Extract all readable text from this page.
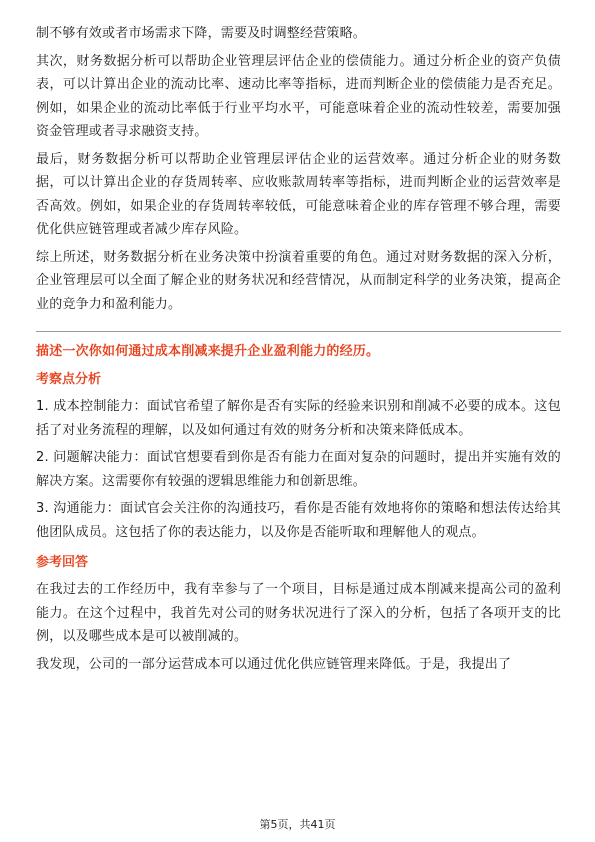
制不够有效或者市场需求下降，需要及时调整经营策略。

其次，财务数据分析可以帮助企业管理层评估企业的偿债能力。通过分析企业的资产负债表，可以计算出企业的流动比率、速动比率等指标，进而判断企业的偿债能力是否充足。例如，如果企业的流动比率低于行业平均水平，可能意味着企业的流动性较差，需要加强资金管理或者寻求融资支持。

最后，财务数据分析可以帮助企业管理层评估企业的运营效率。通过分析企业的财务数据，可以计算出企业的存货周转率、应收账款周转率等指标，进而判断企业的运营效率是否高效。例如，如果企业的存货周转率较低，可能意味着企业的库存管理不够合理，需要优化供应链管理或者减少库存风险。

综上所述，财务数据分析在业务决策中扮演着重要的角色。通过对财务数据的深入分析，企业管理层可以全面了解企业的财务状况和经营情况，从而制定科学的业务决策，提高企业的竞争力和盈利能力。

描述一次你如何通过成本削减来提升企业盈利能力的经历。
考察点分析

1. 成本控制能力：面试官希望了解你是否有实际的经验来识别和削减不必要的成本。这包括了对业务流程的理解，以及如何通过有效的财务分析和决策来降低成本。

2. 问题解决能力：面试官想要看到你是否有能力在面对复杂的问题时，提出并实施有效的解决方案。这需要你有较强的逻辑思维能力和创新思维。

3. 沟通能力：面试官会关注你的沟通技巧，看你是否能有效地将你的策略和想法传达给其他团队成员。这包括了你的表达能力，以及你是否能听取和理解他人的观点。

参考回答

在我过去的工作经历中，我有幸参与了一个项目，目标是通过成本削减来提高公司的盈利能力。在这个过程中，我首先对公司的财务状况进行了深入的分析，包括了各项开支的比例，以及哪些成本是可以被削减的。

我发现，公司的一部分运营成本可以通过优化供应链管理来降低。于是，我提出了

第5页，共41页
